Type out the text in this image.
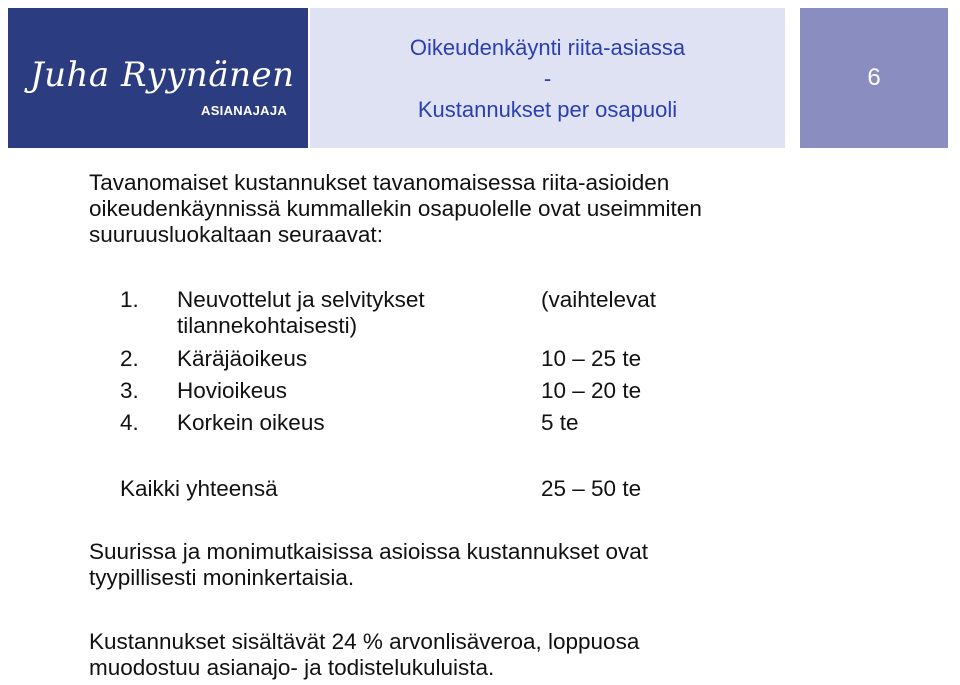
Juha Ryynänen
ASIANAJAJA
Oikeudenkäynti riita-asiassa
-
Kustannukset per osapuoli
6
Tavanomaiset kustannukset tavanomaisessa riita-asioiden
oikeudenkäynnissä kummallekin osapuolelle ovat useimmiten
suuruusluokaltaan seuraavat:
1. Neuvottelut ja selvitykset	(vaihtelevat
tilannekohtaisesti)
2. Käräjäoikeus	10 – 25 te
3. Hovioikeus	10 – 20 te
4. Korkein oikeus	5 te
Kaikki yhteensä	25 – 50 te
Suurissa ja monimutkaisissa asioissa kustannukset ovat
tyypillisesti moninkertaisia.
Kustannukset sisältävät 24 % arvonlisäveroa, loppuosa
muodostuu asianajo- ja todistelukuluista.
